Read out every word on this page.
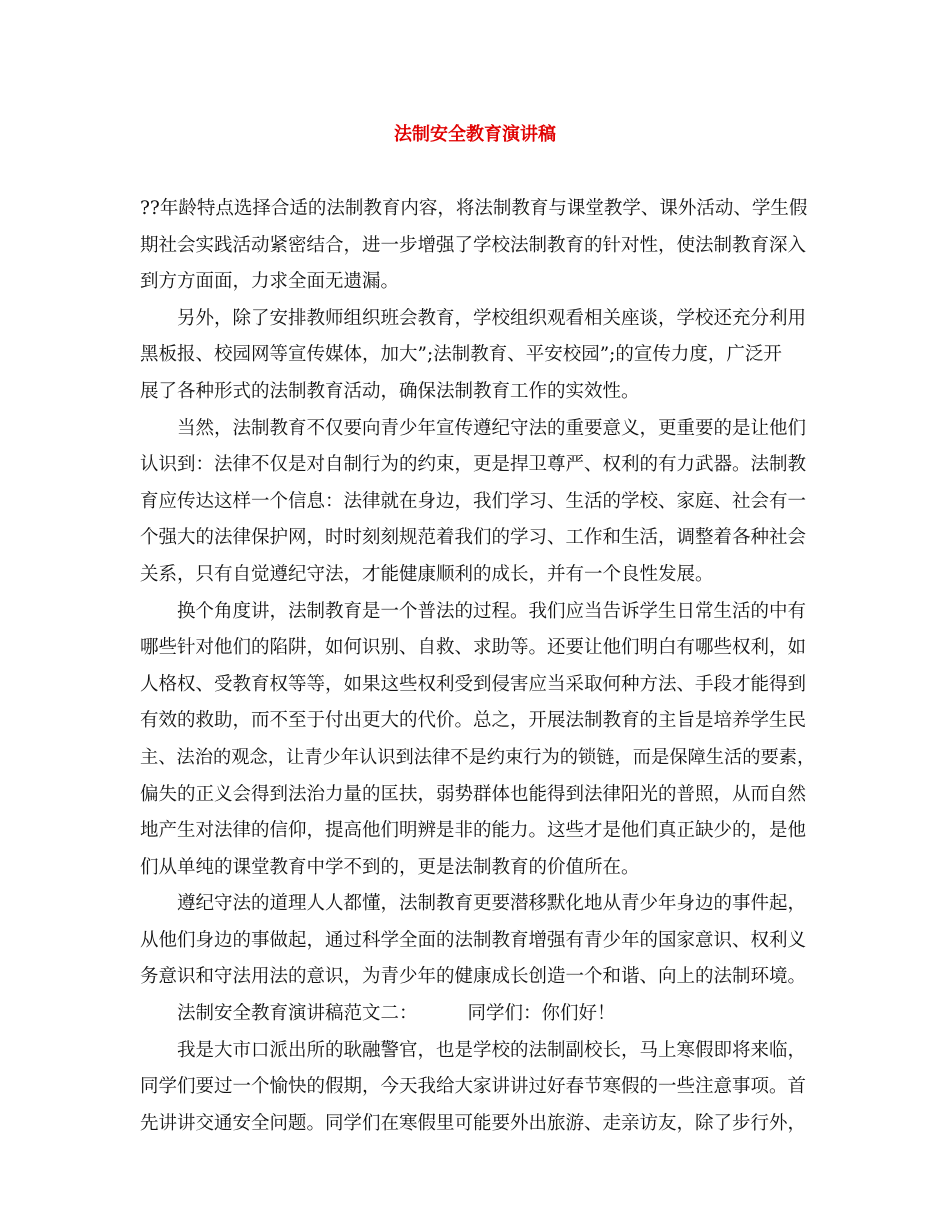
法制安全教育演讲稿
??年龄特点选择合适的法制教育内容，将法制教育与课堂教学、课外活动、学生假
期社会实践活动紧密结合，进一步增强了学校法制教育的针对性，使法制教育深入
到方方面面，力求全面无遗漏。
另外，除了安排教师组织班会教育，学校组织观看相关座谈，学校还充分利用
黑板报、校园网等宣传媒体，加大”;法制教育、平安校园”;的宣传力度，广泛开
展了各种形式的法制教育活动，确保法制教育工作的实效性。
当然，法制教育不仅要向青少年宣传遵纪守法的重要意义，更重要的是让他们
认识到：法律不仅是对自制行为的约束，更是捍卫尊严、权利的有力武器。法制教
育应传达这样一个信息：法律就在身边，我们学习、生活的学校、家庭、社会有一
个强大的法律保护网，时时刻刻规范着我们的学习、工作和生活，调整着各种社会
关系，只有自觉遵纪守法，才能健康顺利的成长，并有一个良性发展。
换个角度讲，法制教育是一个普法的过程。我们应当告诉学生日常生活的中有
哪些针对他们的陷阱，如何识别、自救、求助等。还要让他们明白有哪些权利，如
人格权、受教育权等等，如果这些权利受到侵害应当采取何种方法、手段才能得到
有效的救助，而不至于付出更大的代价。总之，开展法制教育的主旨是培养学生民
主、法治的观念，让青少年认识到法律不是约束行为的锁链，而是保障生活的要素，
偏失的正义会得到法治力量的匡扶，弱势群体也能得到法律阳光的普照，从而自然
地产生对法律的信仰，提高他们明辨是非的能力。这些才是他们真正缺少的，是他
们从单纯的课堂教育中学不到的，更是法制教育的价值所在。
遵纪守法的道理人人都懂，法制教育更要潜移默化地从青少年身边的事件起，
从他们身边的事做起，通过科学全面的法制教育增强有青少年的国家意识、权利义
务意识和守法用法的意识，为青少年的健康成长创造一个和谐、向上的法制环境。
法制安全教育演讲稿范文二：	同学们：你们好！
我是大市口派出所的耿融警官，也是学校的法制副校长，马上寒假即将来临，
同学们要过一个愉快的假期，今天我给大家讲讲过好春节寒假的一些注意事项。首
先讲讲交通安全问题。同学们在寒假里可能要外出旅游、走亲访友，除了步行外，
